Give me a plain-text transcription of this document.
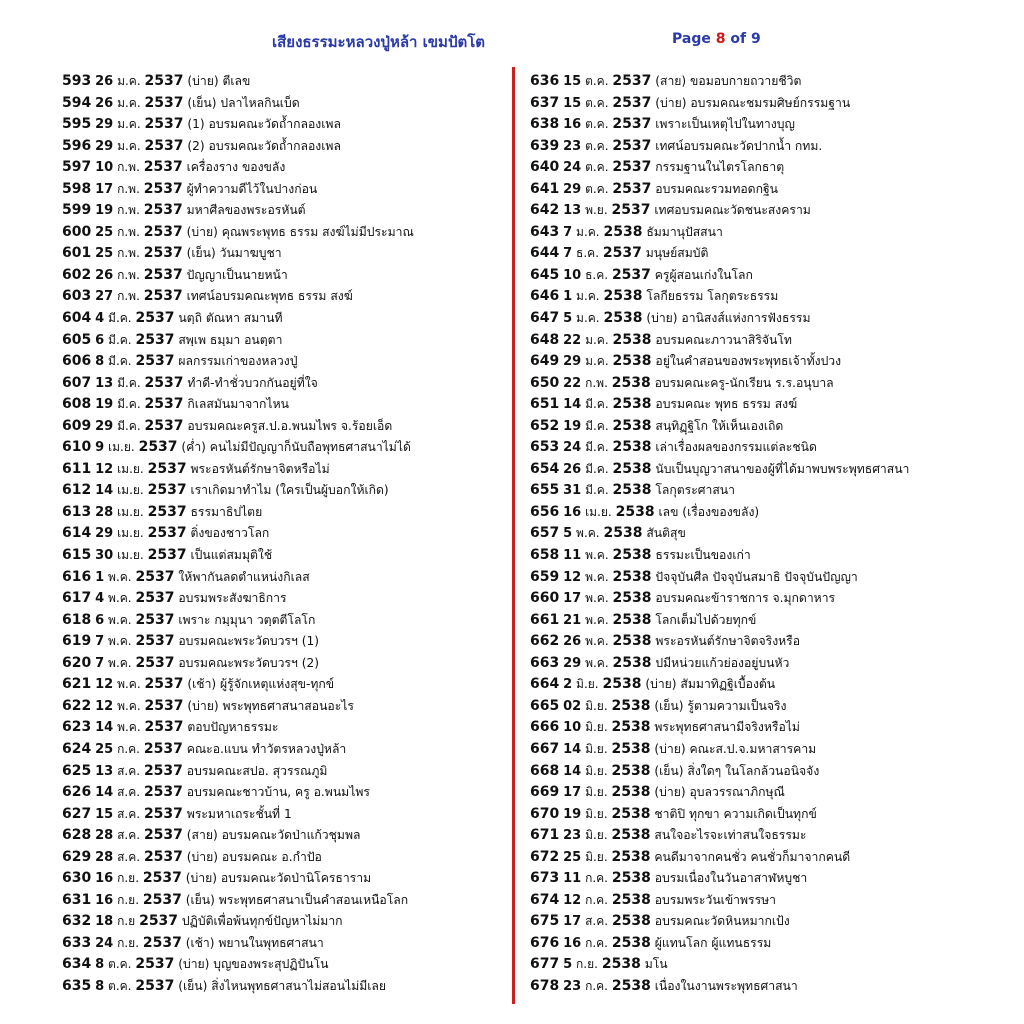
เสียงธรรมะหลวงปู่หล้า เขมปัตโต	Page 8 of 9
593 26 ม.ค. 2537 (บ่าย) ตีเลข
594 26 ม.ค. 2537 (เย็น) ปลาไหลกินเบ็ด
595 29 ม.ค. 2537 (1) อบรมคณะวัดถ้ำกลองเพล
596 29 ม.ค. 2537 (2) อบรมคณะวัดถ้ำกลองเพล
597 10 ก.พ. 2537 เครื่องราง ของขลัง
598 17 ก.พ. 2537 ผู้ทำความดีไว้ในปางก่อน
599 19 ก.พ. 2537 มหาศีลของพระอรหันต์
600 25 ก.พ. 2537 (บ่าย) คุณพระพุทธ ธรรม สงฆ์ไม่มีประมาณ
601 25 ก.พ. 2537 (เย็น) วันมาฆบูชา
602 26 ก.พ. 2537 ปัญญาเป็นนายหน้า
603 27 ก.พ. 2537 เทศน์อบรมคณะพุทธ ธรรม สงฆ์
604 4 มี.ค. 2537 นตฺถิ ตัณหา สมานที
605 6 มี.ค. 2537 สพฺเพ ธมฺมา อนตฺตา
606 8 มี.ค. 2537 ผลกรรมเก่าของหลวงปู่
607 13 มี.ค. 2537 ทำดี-ทำชั่วบวกกันอยู่ที่ใจ
608 19 มี.ค. 2537 กิเลสมันมาจากไหน
609 29 มี.ค. 2537 อบรมคณะครูส.ป.อ.พนมไพร จ.ร้อยเอ็ด
610 9 เม.ย. 2537 (ค่ำ) คนไม่มีปัญญาก็นับถือพุทธศาสนาไม่ได้
611 12 เม.ย. 2537 พระอรหันต์รักษาจิตหรือไม่
612 14 เม.ย. 2537 เราเกิดมาทำไม (ใครเป็นผู้บอกให้เกิด)
613 28 เม.ย. 2537 ธรรมาธิปไตย
614 29 เม.ย. 2537 ติ่งของชาวโลก
615 30 เม.ย. 2537 เป็นแต่สมมุติใช้
616 1 พ.ค. 2537 ให้พากันลดตำแหน่งกิเลส
617 4 พ.ค. 2537 อบรมพระสังฆาธิการ
618 6 พ.ค. 2537 เพราะ กมฺมุนา วตฺตตีโลโก
619 7 พ.ค. 2537 อบรมคณะพระวัดบวรฯ (1)
620 7 พ.ค. 2537 อบรมคณะพระวัดบวรฯ (2)
621 12 พ.ค. 2537 (เช้า) ผู้รู้จักเหตุแห่งสุข-ทุกข์
622 12 พ.ค. 2537 (บ่าย) พระพุทธศาสนาสอนอะไร
623 14 พ.ค. 2537 ตอบปัญหาธรรมะ
624 25 ก.ค. 2537 คณะอ.แบน ทำวัตรหลวงปู่หล้า
625 13 ส.ค. 2537 อบรมคณะสปอ. สุวรรณภูมิ
626 14 ส.ค. 2537 อบรมคณะชาวบ้าน, ครู อ.พนมไพร
627 15 ส.ค. 2537 พระมหาเถระชั้นที่ 1
628 28 ส.ค. 2537 (สาย) อบรมคณะวัดป่าแก้วชุมพล
629 28 ส.ค. 2537 (บ่าย) อบรมคณะ อ.กำปัอ
630 16 ก.ย. 2537 (บ่าย) อบรมคณะวัดป่านิโครธาราม
631 16 ก.ย. 2537 (เย็น) พระพุทธศาสนาเป็นคำสอนเหนือโลก
632 18 ก.ย 2537 ปฏิบัติเพื่อพ้นทุกข์ปัญหาไม่มาก
633 24 ก.ย. 2537 (เช้า) พยานในพุทธศาสนา
634 8 ต.ค. 2537 (บ่าย) บุญของพระสุปฏิปันโน
635 8 ต.ค. 2537 (เย็น) สิ่งไหนพุทธศาสนาไม่สอนไม่มีเลย
636 15 ต.ค. 2537 (สาย) ขอมอบกายถวายชีวิต
637 15 ต.ค. 2537 (บ่าย) อบรมคณะชมรมศิษย์กรรมฐาน
638 16 ต.ค. 2537 เพราะเป็นเหตุไปในทางบุญ
639 23 ต.ค. 2537 เทศน์อบรมคณะวัดปากน้ำ กทม.
640 24 ต.ค. 2537 กรรมฐานในไตรโลกธาตุ
641 29 ต.ค. 2537 อบรมคณะรวมทอดกฐิน
642 13 พ.ย. 2537 เทศอบรมคณะวัดชนะสงคราม
643 7 ม.ค. 2538 ธัมมานุปัสสนา
644 7 ธ.ค. 2537 มนุษย์สมบัติ
645 10 ธ.ค. 2537 ครูผู้สอนเก่งในโลก
646 1 ม.ค. 2538 โลกียธรรม โลกุตระธรรม
647 5 ม.ค. 2538 (บ่าย) อานิสงส์แห่งการฟังธรรม
648 22 ม.ค. 2538 อบรมคณะภาวนาสิริจันโท
649 29 ม.ค. 2538 อยู่ในคำสอนของพระพุทธเจ้าทั้งปวง
650 22 ก.พ. 2538 อบรมคณะครู-นักเรียน ร.ร.อนุบาล
651 14 มี.ค. 2538 อบรมคณะ พุทธ ธรรม สงฆ์
652 19 มี.ค. 2538 สนฺทิฏฺฐิโก ให้เห็นเองเถิด
653 24 มี.ค. 2538 เล่าเรื่องผลของกรรมแต่ละชนิด
654 26 มี.ค. 2538 นับเป็นบุญวาสนาของผู้ที่ได้มาพบพระพุทธศาสนา
655 31 มี.ค. 2538 โลกุตระศาสนา
656 16 เม.ย. 2538 เลข (เรื่องของขลัง)
657 5 พ.ค. 2538 สันติสุข
658 11 พ.ค. 2538 ธรรมะเป็นของเก่า
659 12 พ.ค. 2538 ปัจจุบันศีล ปัจจุบันสมาธิ ปัจจุบันปัญญา
660 17 พ.ค. 2538 อบรมคณะข้าราชการ จ.มุกดาหาร
661 21 พ.ค. 2538 โลกเต็มไปด้วยทุกข์
662 26 พ.ค. 2538 พระอรหันต์รักษาจิตจริงหรือ
663 29 พ.ค. 2538 ปมีหน่วยแก้วย่องอยู่บนหัว
664 2 มิ.ย. 2538 (บ่าย) สัมมาทิฏฐิเบื้องต้น
665 02 มิ.ย. 2538 (เย็น) รู้ตามความเป็นจริง
666 10 มิ.ย. 2538 พระพุทธศาสนามีจริงหรือไม่
667 14 มิ.ย. 2538 (บ่าย) คณะส.ป.จ.มหาสารคาม
668 14 มิ.ย. 2538 (เย็น) สิ่งใดๆ ในโลกล้วนอนิจจัง
669 17 มิ.ย. 2538 (บ่าย) อุบลวรรณาภิกษุณี
670 19 มิ.ย. 2538 ชาติปิ ทุกขา ความเกิดเป็นทุกข์
671 23 มิ.ย. 2538 สนใจอะไรจะเท่าสนใจธรรมะ
672 25 มิ.ย. 2538 คนดีมาจากคนชั่ว คนชั่วก็มาจากคนดี
673 11 ก.ค. 2538 อบรมเนื่องในวันอาสาฬหบูชา
674 12 ก.ค. 2538 อบรมพระวันเข้าพรรษา
675 17 ส.ค. 2538 อบรมคณะวัดหินหมากเป้ง
676 16 ก.ค. 2538 ผู้แทนโลก ผู้แทนธรรม
677 5 ก.ย. 2538 มโน
678 23 ก.ค. 2538 เนื่องในงานพระพุทธศาสนา
